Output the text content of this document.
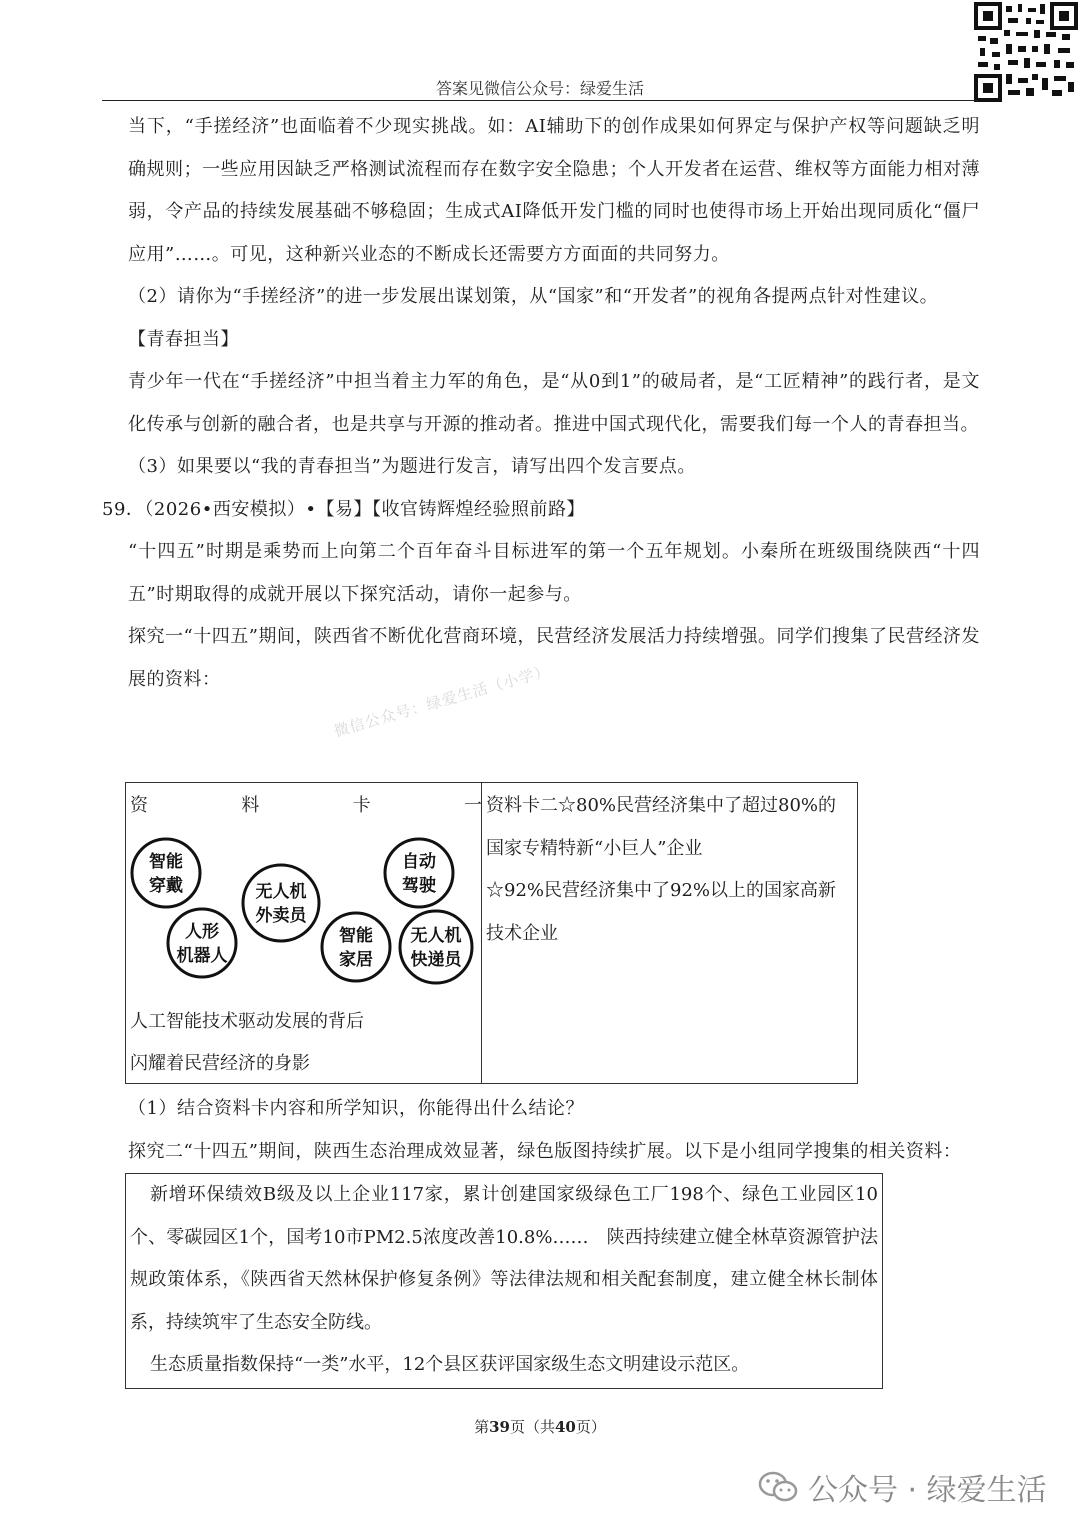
答案见微信公众号：绿爱生活
微信公众号：绿爱生活（小学）

当下，“手搓经济”也面临着不少现实挑战。如：AI辅助下的创作成果如何界定与保护产权等问题缺乏明确规则；一些应用因缺乏严格测试流程而存在数字安全隐患；个人开发者在运营、维权等方面能力相对薄弱，令产品的持续发展基础不够稳固；生成式AI降低开发门槛的同时也使得市场上开始出现同质化“僵尸应用”……。可见，这种新兴业态的不断成长还需要方方面面的共同努力。

（2）请你为“手搓经济”的进一步发展出谋划策，从“国家”和“开发者”的视角各提两点针对性建议。

【青春担当】

青少年一代在“手搓经济”中担当着主力军的角色，是“从0到1”的破局者，是“工匠精神”的践行者，是文化传承与创新的融合者，也是共享与开源的推动者。推进中国式现代化，需要我们每一个人的青春担当。

（3）如果要以“我的青春担当”为题进行发言，请写出四个发言要点。

59．（2026•西安模拟）•【易】【收官铸辉煌经验照前路】

“十四五”时期是乘势而上向第二个百年奋斗目标进军的第一个五年规划。小秦所在班级围绕陕西“十四五”时期取得的成就开展以下探究活动，请你一起参与。

探究一“十四五”期间，陕西省不断优化营商环境，民营经济发展活力持续增强。同学们搜集了民营经济发展的资料：

资	料	卡	一
智能
穿戴
人形
机器人
无人机
外卖员
智能
家居
自动
驾驶
无人机
快递员
人工智能技术驱动发展的背后
闪耀着民营经济的身影

资料卡二☆80%民营经济集中了超过80%的

国家专精特新“小巨人”企业

☆92%民营经济集中了92%以上的国家高新

技术企业

（1）结合资料卡内容和所学知识，你能得出什么结论？

探究二“十四五”期间，陕西生态治理成效显著，绿色版图持续扩展。以下是小组同学搜集的相关资料：

新增环保绩效B级及以上企业117家，累计创建国家级绿色工厂198个、绿色工业园区10个、零碳园区1个，国考10市PM2.5浓度改善10.8%……　陕西持续建立健全林草资源管护法规政策体系，《陕西省天然林保护修复条例》等法律法规和相关配套制度，建立健全林长制体系，持续筑牢了生态安全防线。

生态质量指数保持“一类”水平，12个县区获评国家级生态文明建设示范区。

第39页（共40页）
公众号 · 绿爱生活
